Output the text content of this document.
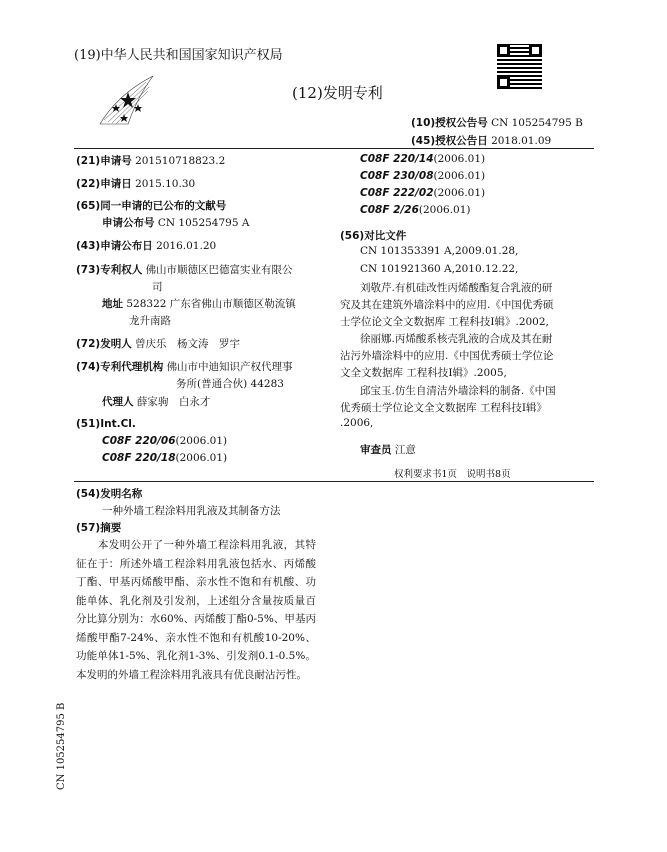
(19)中华人民共和国国家知识产权局
(12)发明专利
(10)授权公告号 CN 105254795 B
(45)授权公告日 2018.01.09
(21)申请号 201510718823.2
(22)申请日 2015.10.30
(65)同一申请的已公布的文献号
申请公布号 CN 105254795 A
(43)申请公布日 2016.01.20
(73)专利权人 佛山市顺德区巴德富实业有限公
司
地址 528322 广东省佛山市顺德区勒流镇
龙升南路
(72)发明人 曾庆乐　杨文涛　罗宇
(74)专利代理机构 佛山市中迪知识产权代理事
务所(普通合伙) 44283
代理人 薛家驹　白永才
(51)Int.Cl.
C08F 220/06(2006.01)
C08F 220/18(2006.01)
C08F 220/14(2006.01)
C08F 230/08(2006.01)
C08F 222/02(2006.01)
C08F 2/26(2006.01)
(56)对比文件
CN 101353391 A,2009.01.28,
CN 101921360 A,2010.12.22,
刘敬芹.有机硅改性丙烯酸酯复合乳液的研
究及其在建筑外墙涂料中的应用.《中国优秀硕
士学位论文全文数据库 工程科技I辑》.2002,
徐丽娜.丙烯酸系核壳乳液的合成及其在耐
沾污外墙涂料中的应用.《中国优秀硕士学位论
文全文数据库 工程科技I辑》.2005,
邱宝玉.仿生自清洁外墙涂料的制备.《中国
优秀硕士学位论文全文数据库 工程科技I辑》
.2006,
审查员 江意
权利要求书1页　说明书8页
(54)发明名称
一种外墙工程涂料用乳液及其制备方法
(57)摘要
　　本发明公开了一种外墙工程涂料用乳液，其特征在于：所述外墙工程涂料用乳液包括水、丙烯酸丁酯、甲基丙烯酸甲酯、亲水性不饱和有机酸、功能单体、乳化剂及引发剂，上述组分含量按质量百分比算分别为：水60%、丙烯酸丁酯0-5%、甲基丙烯酸甲酯7-24%、亲水性不饱和有机酸10-20%、功能单体1-5%、乳化剂1-3%、引发剂0.1-0.5%。本发明的外墙工程涂料用乳液具有优良耐沾污性。
CN 105254795 B
